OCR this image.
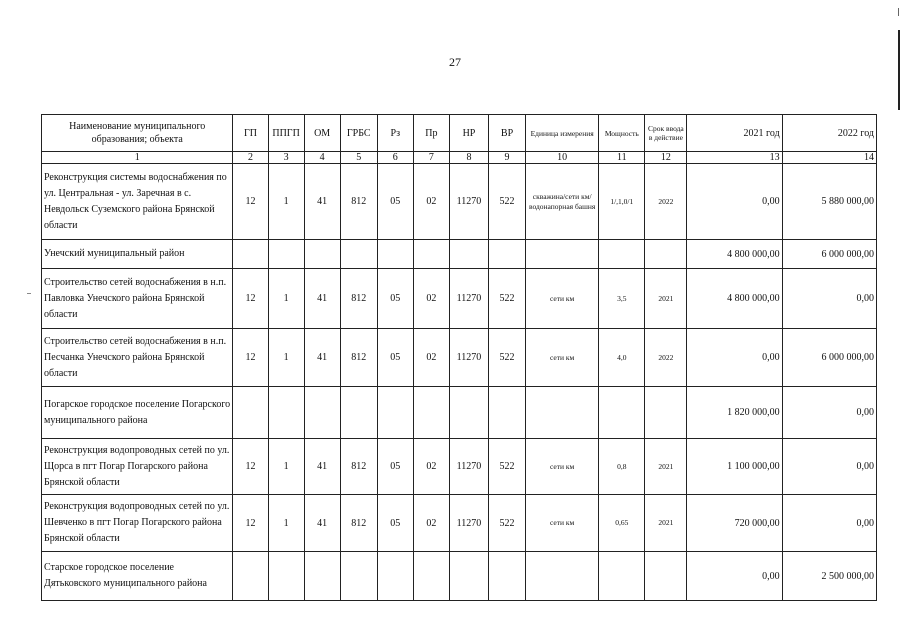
27
Наименование муниципального образования; объекта	ГП	ППГП	ОМ	ГРБС	Рз	Пр	НР	ВР	Единица измерения	Мощность	Срок ввода в действие	2021 год	2022 год
1	2	3	4	5	6	7	8	9	10	11	12	13	14
Реконструкция системы водоснабжения по ул. Центральная - ул. Заречная в с. Невдольск Суземского района Брянской области	12	1	41	812	05	02	11270	522	скважина/сети км/водонапорная башня	1/,1,0/1	2022	0,00	5 880 000,00
Унечский муниципальный район												4 800 000,00	6 000 000,00
Строительство сетей водоснабжения в н.п. Павловка Унечского района Брянской области	12	1	41	812	05	02	11270	522	сети км	3,5	2021	4 800 000,00	0,00
Строительство сетей водоснабжения в н.п. Песчанка Унечского района Брянской области	12	1	41	812	05	02	11270	522	сети км	4,0	2022	0,00	6 000 000,00
Погарское городское поселение Погарского муниципального района												1 820 000,00	0,00
Реконструкция водопроводных сетей по ул. Щорса в пгт Погар Погарского района Брянской области	12	1	41	812	05	02	11270	522	сети км	0,8	2021	1 100 000,00	0,00
Реконструкция водопроводных сетей по ул. Шевченко в пгт Погар Погарского района Брянской области	12	1	41	812	05	02	11270	522	сети км	0,65	2021	720 000,00	0,00
Старское городское поселение Дятьковского муниципального района												0,00	2 500 000,00
